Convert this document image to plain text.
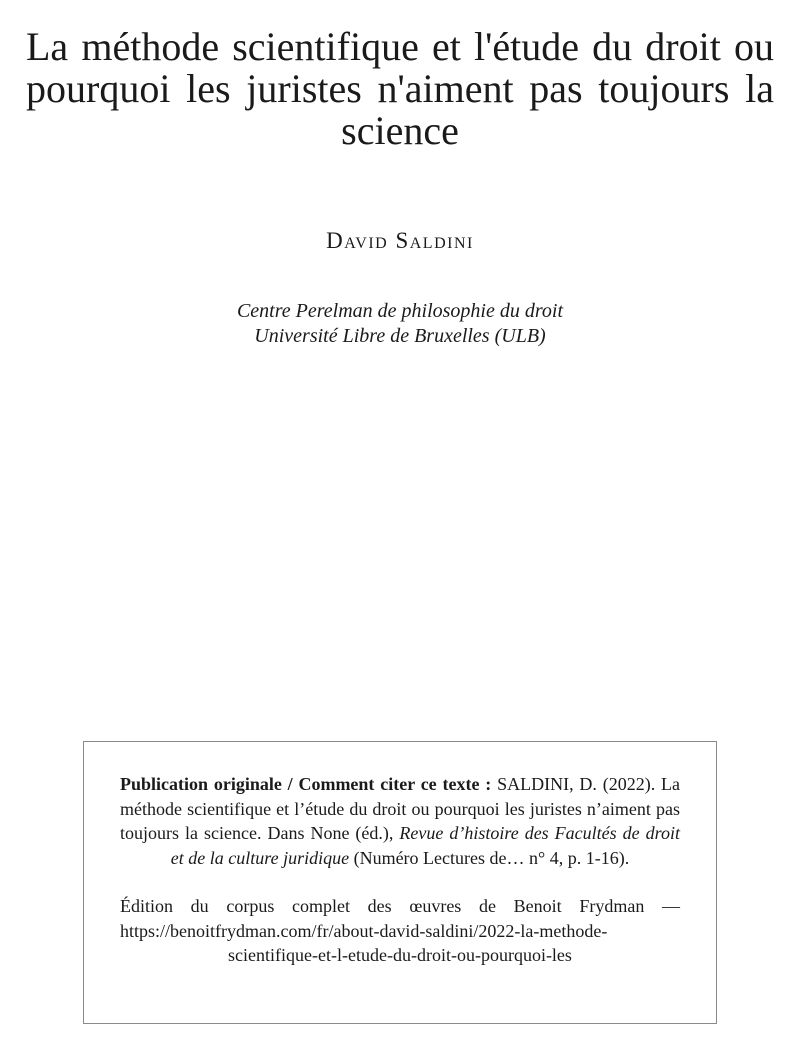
La méthode scientifique et l'étude du droit ou pourquoi les juristes n'aiment pas toujours la science
David Saldini
Centre Perelman de philosophie du droit
Université Libre de Bruxelles (ULB)

Publication originale / Comment citer ce texte : SALDINI, D. (2022). La méthode scientifique et l’étude du droit ou pourquoi les juristes n’aiment pas toujours la science. Dans None (éd.), Revue d’histoire des Facultés de droit et de la culture juridique (Numéro Lectures de… n° 4, p. 1-16).

Édition du corpus complet des œuvres de Benoit Frydman — https://benoitfrydman.com/fr/about-david-saldini/2022-la-methode-scientifique-et-l-etude-du-droit-ou-pourquoi-les
